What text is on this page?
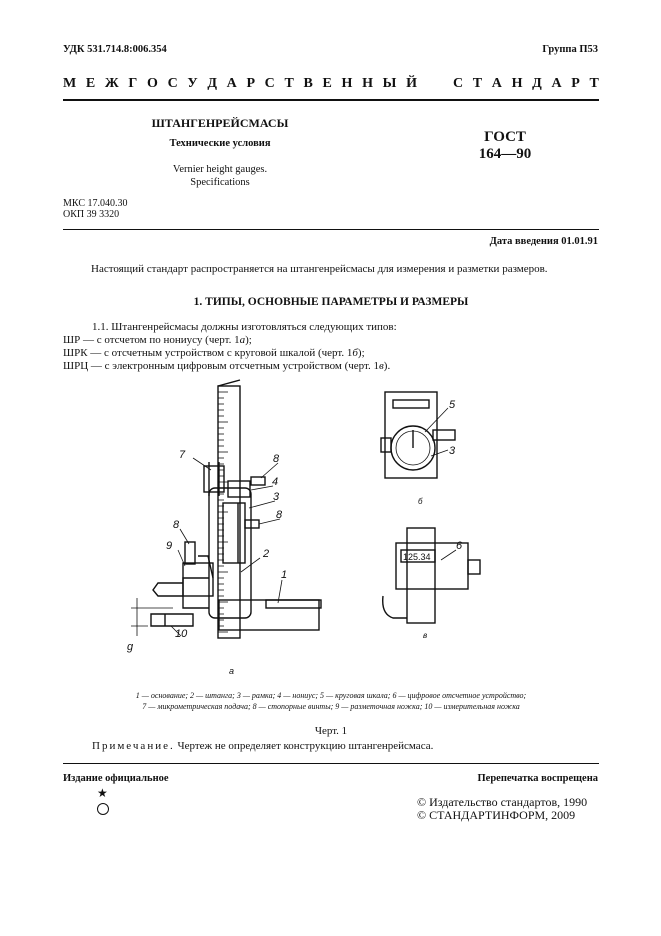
УДК 531.714.8:006.354	Группа П53
М Е Ж Г О С У Д А Р С Т В Е Н Н Ы Й

	С Т А Н Д А Р Т
ШТАНГЕНРЕЙСМАСЫ
Технические условия
Vernier height gauges.
Specifications
ГОСТ
164—90
МКС 17.040.30
ОКП 39 3320
Дата введения 01.01.91
Настоящий стандарт распространяется на штангенрейсмасы для измерения и разметки размеров.
1. ТИПЫ, ОСНОВНЫЕ ПАРАМЕТРЫ И РАЗМЕРЫ
1.1. Штангенрейсмасы должны изготовляться следующих типов:
ШР — с отсчетом по нониусу (черт. 1а);
ШРК — с отсчетным устройством с круговой шкалой (черт. 1б);
ШРЦ — с электронным цифровым отсчетным устройством (черт. 1в).
7	8
4
3
8
8
9
2
1
10
g
5
3
6
125.34
а
б
в
1 — основание; 2 — штанга; 3 — рамка; 4 — нониус; 5 — круговая шкала; 6 — цифровое отсчетное устройство;
7 — микрометрическая подача; 8 — стопорные винты; 9 — разметочная ножка; 10 — измерительная ножка
Черт. 1
Примечание. Чертеж не определяет конструкцию штангенрейсмаса.
Издание официальное	Перепечатка воспрещена
★
© Издательство стандартов, 1990
© СТАНДАРТИНФОРМ, 2009
